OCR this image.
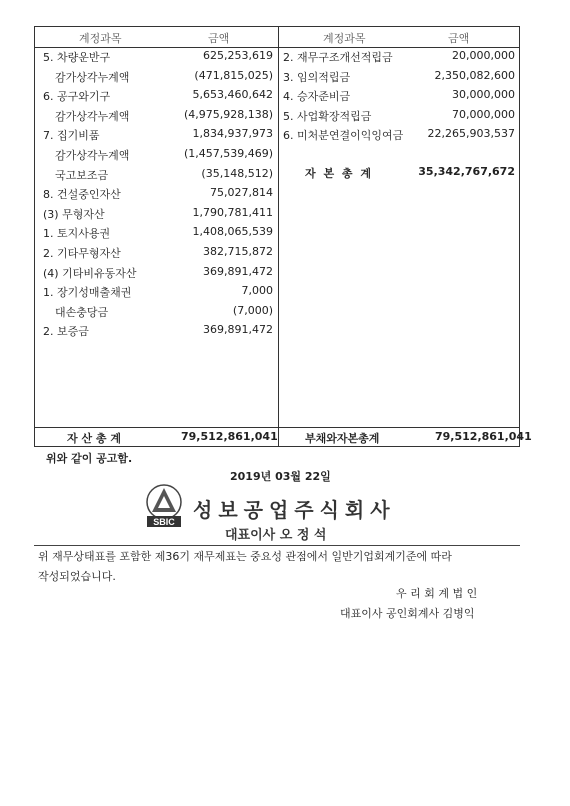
계정과목	금액	계정과목	금액
5. 차량운반구	625,253,619
감가상각누계액	(471,815,025)
6. 공구와기구	5,653,460,642
감가상각누계액	(4,975,928,138)
7. 집기비품	1,834,937,973
감가상각누계액	(1,457,539,469)
국고보조금	(35,148,512)
8. 건설중인자산	75,027,814
(3) 무형자산	1,790,781,411
1. 토지사용권	1,408,065,539
2. 기타무형자산	382,715,872
(4) 기타비유동자산	369,891,472
1. 장기성매출채권	7,000
대손충당금	(7,000)
2. 보증금	369,891,472
2. 재무구조개선적립금	20,000,000
3. 임의적립금	2,350,082,600
4. 승자준비금	30,000,000
5. 사업확장적립금	70,000,000
6. 미처분연결이익잉여금 22,265,903,537
자 본 총 계	35,342,767,672
자 산 총 계	79,512,861,041 부채와자본총계	79,512,861,041
위와 같이 공고함.
2019년 03월 22일
SBIC 성보공업주식회사
대표이사 오 정 석
위 재무상태표를 포함한 제36기 재무제표는 중요성 관점에서 일반기업회계기준에 따라
작성되었습니다.
우 리 회 계 법 인
대표이사 공인회계사 김병익
